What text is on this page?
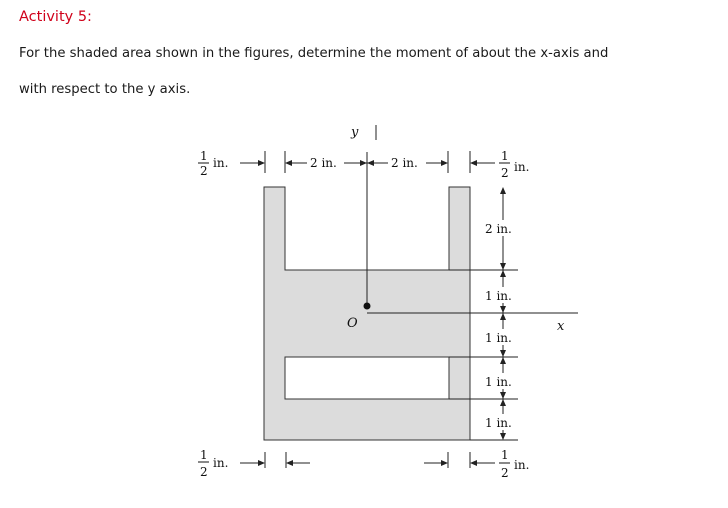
Activity 5:
For the shaded area shown in the figures, determine the moment of about the x-axis and
with respect to the y axis.
y
x
O
1
2
in.	2 in.	2 in.	1
2 in.
2 in.
1 in.
1 in.
1 in.
1 in.
1
2
in.
1
2
in.
